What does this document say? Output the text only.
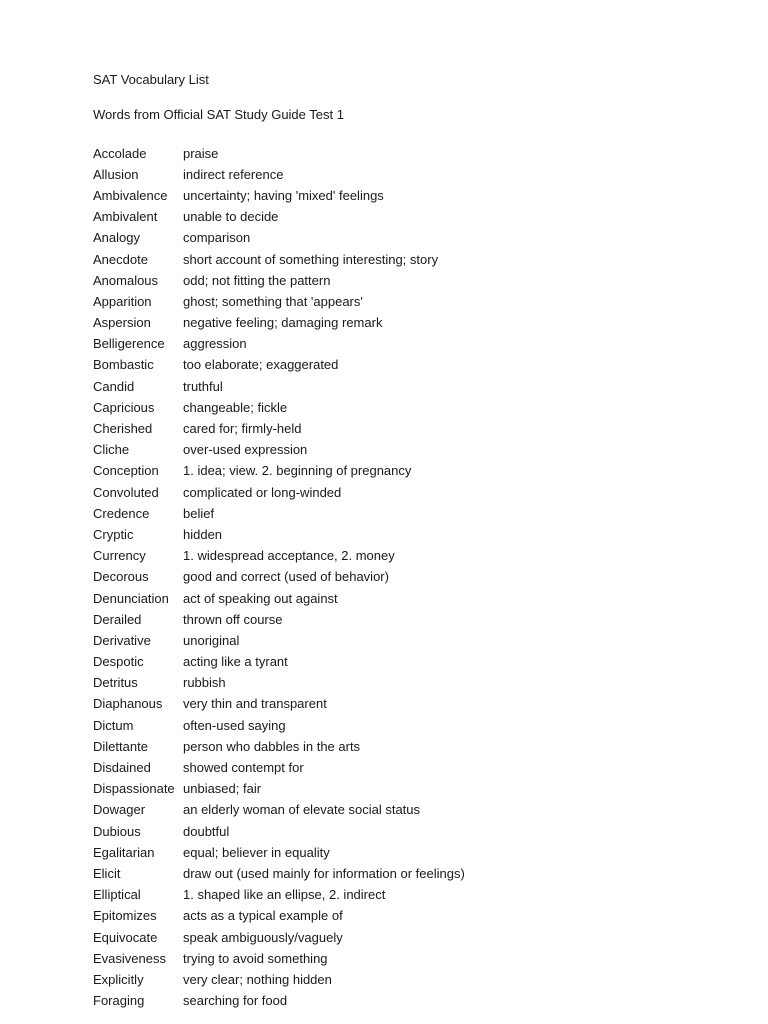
SAT Vocabulary List
Words from Official SAT Study Guide Test 1
Accolade	praise
Allusion	indirect reference
Ambivalence	uncertainty; having 'mixed' feelings
Ambivalent	unable to decide
Analogy	comparison
Anecdote	short account of something interesting; story
Anomalous	odd; not fitting the pattern
Apparition	ghost; something that 'appears'
Aspersion	negative feeling; damaging remark
Belligerence	aggression
Bombastic	too elaborate; exaggerated
Candid	truthful
Capricious	changeable; fickle
Cherished	cared for; firmly-held
Cliche	over-used expression
Conception	1. idea; view. 2. beginning of pregnancy
Convoluted	complicated or long-winded
Credence	belief
Cryptic	hidden
Currency	1. widespread acceptance, 2. money
Decorous	good and correct (used of behavior)
Denunciation	act of speaking out against
Derailed	thrown off course
Derivative	unoriginal
Despotic	acting like a tyrant
Detritus	rubbish
Diaphanous	very thin and transparent
Dictum	often-used saying
Dilettante	person who dabbles in the arts
Disdained	showed contempt for
Dispassionate unbiased; fair
Dowager	an elderly woman of elevate social status
Dubious	doubtful
Egalitarian	equal; believer in equality
Elicit	draw out (used mainly for information or feelings)
Elliptical	1. shaped like an ellipse, 2. indirect
Epitomizes	acts as a typical example of
Equivocate	speak ambiguously/vaguely
Evasiveness	trying to avoid something
Explicitly	very clear; nothing hidden
Foraging	searching for food
